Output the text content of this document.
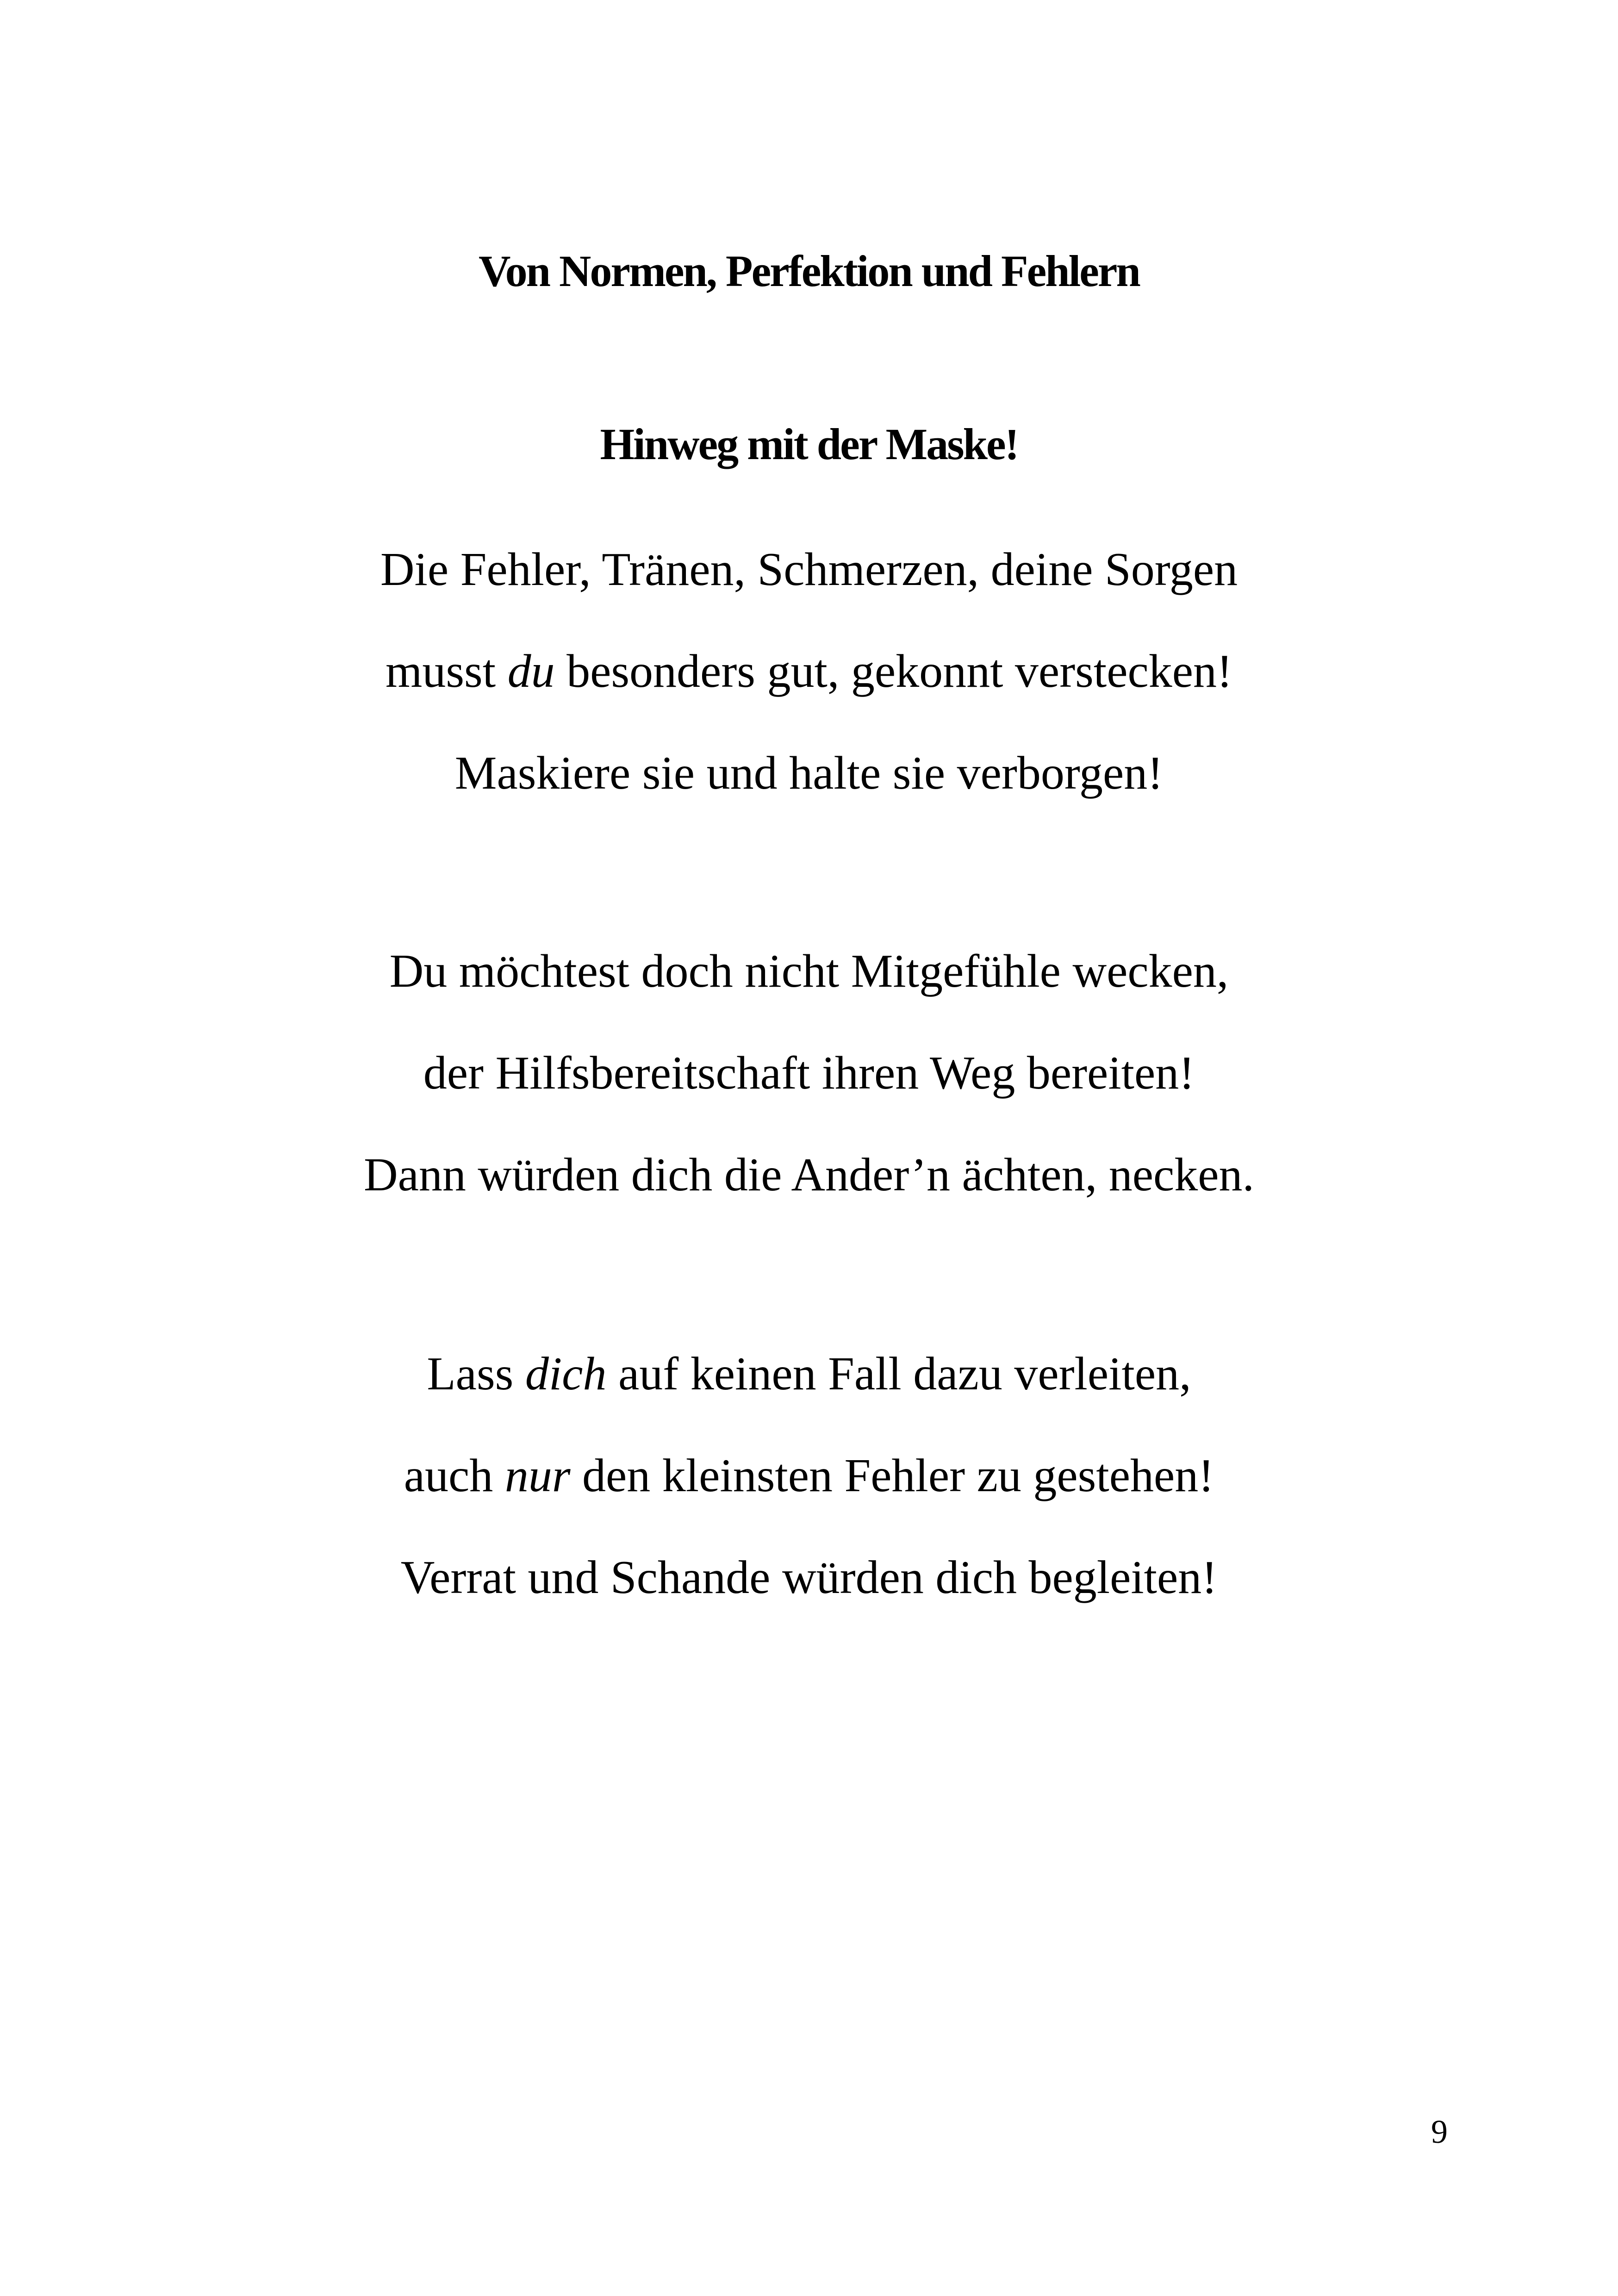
Von Normen, Perfektion und Fehlern
Hinweg mit der Maske!
Die Fehler, Tränen, Schmerzen, deine Sorgen
musst du besonders gut, gekonnt verstecken!
Maskiere sie und halte sie verborgen!
Du möchtest doch nicht Mitgefühle wecken,
der Hilfsbereitschaft ihren Weg bereiten!
Dann würden dich die Ander’n ächten, necken.
Lass dich auf keinen Fall dazu verleiten,
auch nur den kleinsten Fehler zu gestehen!
Verrat und Schande würden dich begleiten!
9
